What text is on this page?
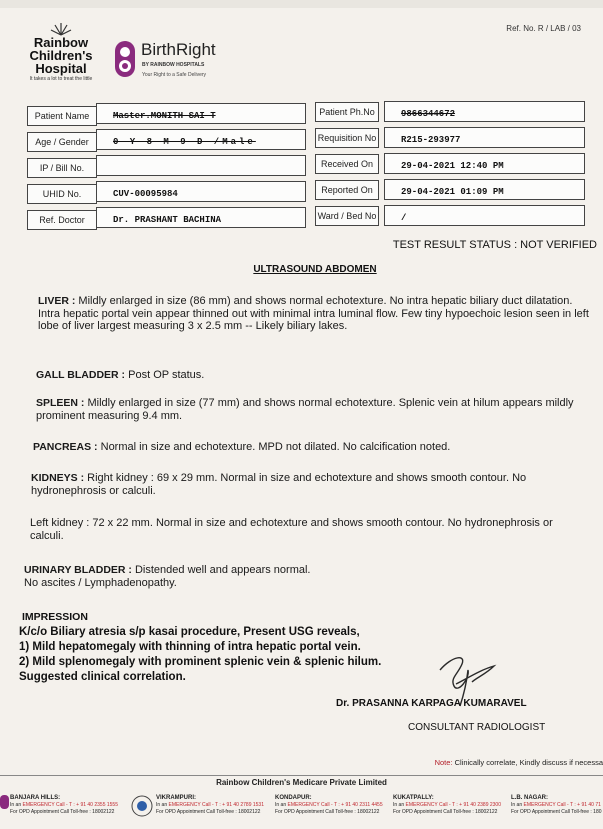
Rainbow
Children's
Hospital
It takes a lot to treat the little
BirthRight
BY RAINBOW HOSPITALS
Your Right to a Safe Delivery
Ref. No. R / LAB / 03
Patient Name	Master.MONITH SAI T
Age / Gender	0 Y 8 M 9 D /Male
IP / Bill No.
UHID No.	CUV-00095984
Ref. Doctor	Dr. PRASHANT BACHINA
Patient Ph.No	9866344672
Requisition No	R215-293977
Received On	29-04-2021 12:40 PM
Reported On	29-04-2021 01:09 PM
Ward / Bed No	/
TEST RESULT STATUS : NOT VERIFIED
ULTRASOUND ABDOMEN
LIVER : Mildly enlarged in size (86 mm) and shows normal echotexture. No intra hepatic biliary duct dilatation. Intra hepatic portal vein appear thinned out with minimal intra luminal flow. Few tiny hypoechoic lesion seen in left lobe of liver largest measuring 3 x 2.5 mm -- Likely biliary lakes.
GALL BLADDER : Post OP status.
SPLEEN : Mildly enlarged in size (77 mm) and shows normal echotexture. Splenic vein at hilum appears mildly prominent measuring 9.4 mm.
PANCREAS : Normal in size and echotexture. MPD not dilated. No calcification noted.
KIDNEYS : Right kidney : 69 x 29 mm. Normal in size and echotexture and shows smooth contour. No hydronephrosis or calculi.
Left kidney : 72 x 22 mm. Normal in size and echotexture and shows smooth contour. No hydronephrosis or calculi.
URINARY BLADDER : Distended well and appears normal.
No ascites / Lymphadenopathy.
IMPRESSION
K/c/o Biliary atresia s/p kasai procedure, Present USG reveals,
1) Mild hepatomegaly with thinning of intra hepatic portal vein.
2) Mild splenomegaly with prominent splenic vein & splenic hilum.
Suggested clinical correlation.
Dr. PRASANNA KARPAGA KUMARAVEL
CONSULTANT RADIOLOGIST
Note: Clinically correlate, Kindly discuss if necessa
Rainbow Children's Medicare Private Limited
BANJARA HILLS:
In an EMERGENCY Call - T : + 91 40 2355 1555
For OPD Appointment Call Toll-free : 18002122
VIKRAMPURI:
In an EMERGENCY Call - T : + 91 40 2789 1531
For OPD Appointment Call Toll-free : 18002122
KONDAPUR:
In an EMERGENCY Call - T : + 91 40 2311 4455
For OPD Appointment Call Toll-free : 18002122
KUKATPALLY:
In an EMERGENCY Call - T : + 91 40 2389 2300
For OPD Appointment Call Toll-free : 18002122
L.B. NAGAR:
In an EMERGENCY Call - T : + 91 40 71
For OPD Appointment Call Toll-free : 180
